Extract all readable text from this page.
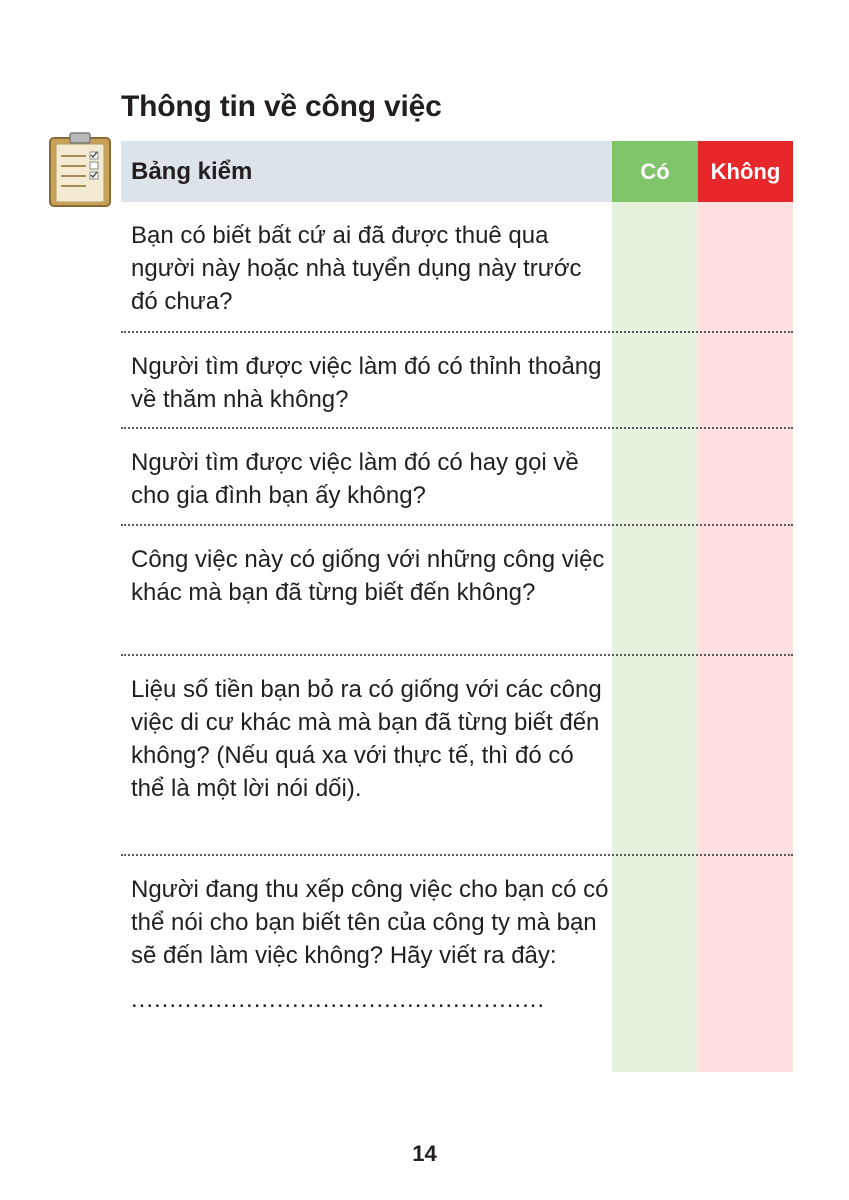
Thông tin về công việc
Bảng kiểm	Có	Không
Bạn có biết bất cứ ai đã được thuê qua người này hoặc nhà tuyển dụng này trước đó chưa?
Người tìm được việc làm đó có thỉnh thoảng về thăm nhà không?
Người tìm được việc làm đó có hay gọi về cho gia đình bạn ấy không?
Công việc này có giống với những công việc khác mà bạn đã từng biết đến không?
Liệu số tiền bạn bỏ ra có giống với các công việc di cư khác mà mà bạn đã từng biết đến không? (Nếu quá xa với thực tế, thì đó có thể là một lời nói dối).
Người đang thu xếp công việc cho bạn có có thể nói cho bạn biết tên của công ty mà bạn sẽ đến làm việc không? Hãy viết ra đây:
......................................................
14
